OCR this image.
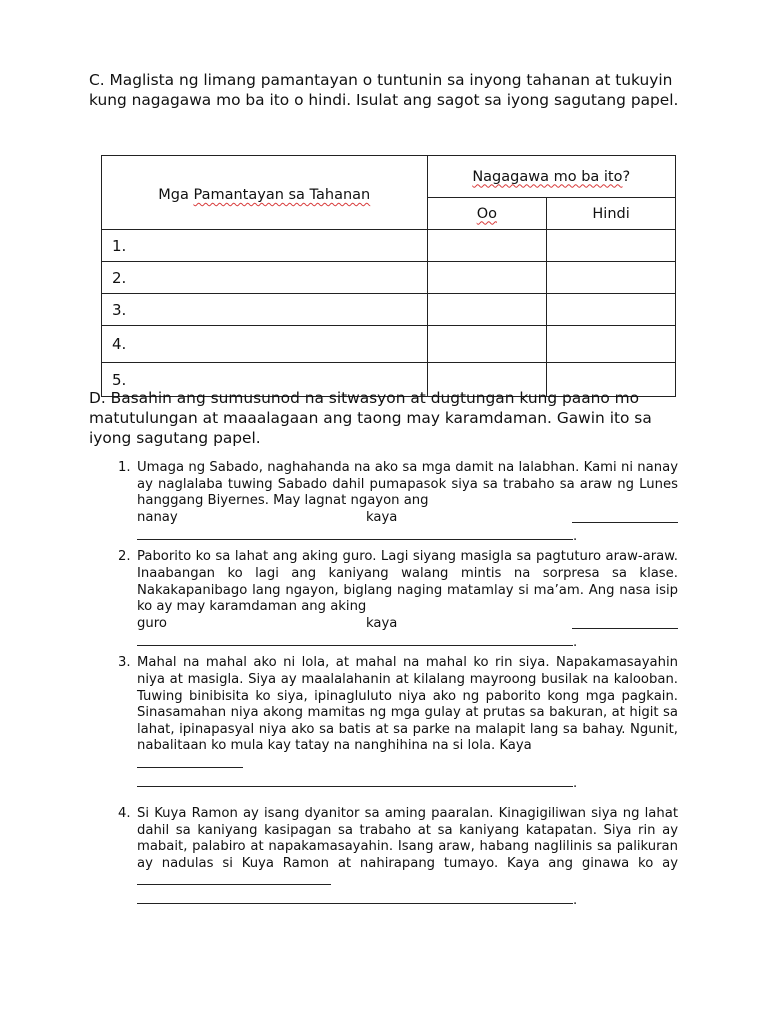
C. Maglista ng limang pamantayan o tuntunin sa inyong tahanan at tukuyin kung nagagawa mo ba ito o hindi. Isulat ang sagot sa iyong sagutang papel.

Mga Pamantayan sa Tahanan	Nagagawa mo ba ito?	
	Oo	Hindi
1.		
2.		
3.		
4.		
5.		

D. Basahin ang sumusunod na sitwasyon at dugtungan kung paano mo matutulungan at maaalagaan ang taong may karamdaman. Gawin ito sa iyong sagutang papel.

1. Umaga ng Sabado, naghahanda na ako sa mga damit na lalabhan. Kami ni nanay ay naglalaba tuwing Sabado dahil pumapasok siya sa trabaho sa araw ng Lunes hanggang Biyernes. May lagnat ngayon ang
nanay	kaya
.
2. Paborito ko sa lahat ang aking guro. Lagi siyang masigla sa pagtuturo araw-araw. Inaabangan ko lagi ang kaniyang walang mintis na sorpresa sa klase. Nakakapanibago lang ngayon, biglang naging matamlay si ma’am. Ang nasa isip ko ay may karamdaman ang aking
guro	kaya
.
3. Mahal na mahal ako ni lola, at mahal na mahal ko rin siya. Napakamasayahin niya at masigla. Siya ay maalalahanin at kilalang mayroong busilak na kalooban. Tuwing binibisita ko siya, ipinagluluto niya ako ng paborito kong mga pagkain. Sinasamahan niya akong mamitas ng mga gulay at prutas sa bakuran, at higit sa lahat, ipinapasyal niya ako sa batis at sa parke na malapit lang sa bahay. Ngunit, nabalitaan ko mula kay tatay na nanghihina na si lola. Kaya
.
4. Si Kuya Ramon ay isang dyanitor sa aming paaralan. Kinagigiliwan siya ng lahat dahil sa kaniyang kasipagan sa trabaho at sa kaniyang katapatan. Siya rin ay mabait, palabiro at napakamasayahin. Isang araw, habang naglilinis sa palikuran ay nadulas si Kuya Ramon at nahirapang tumayo. Kaya ang ginawa ko ay
.
